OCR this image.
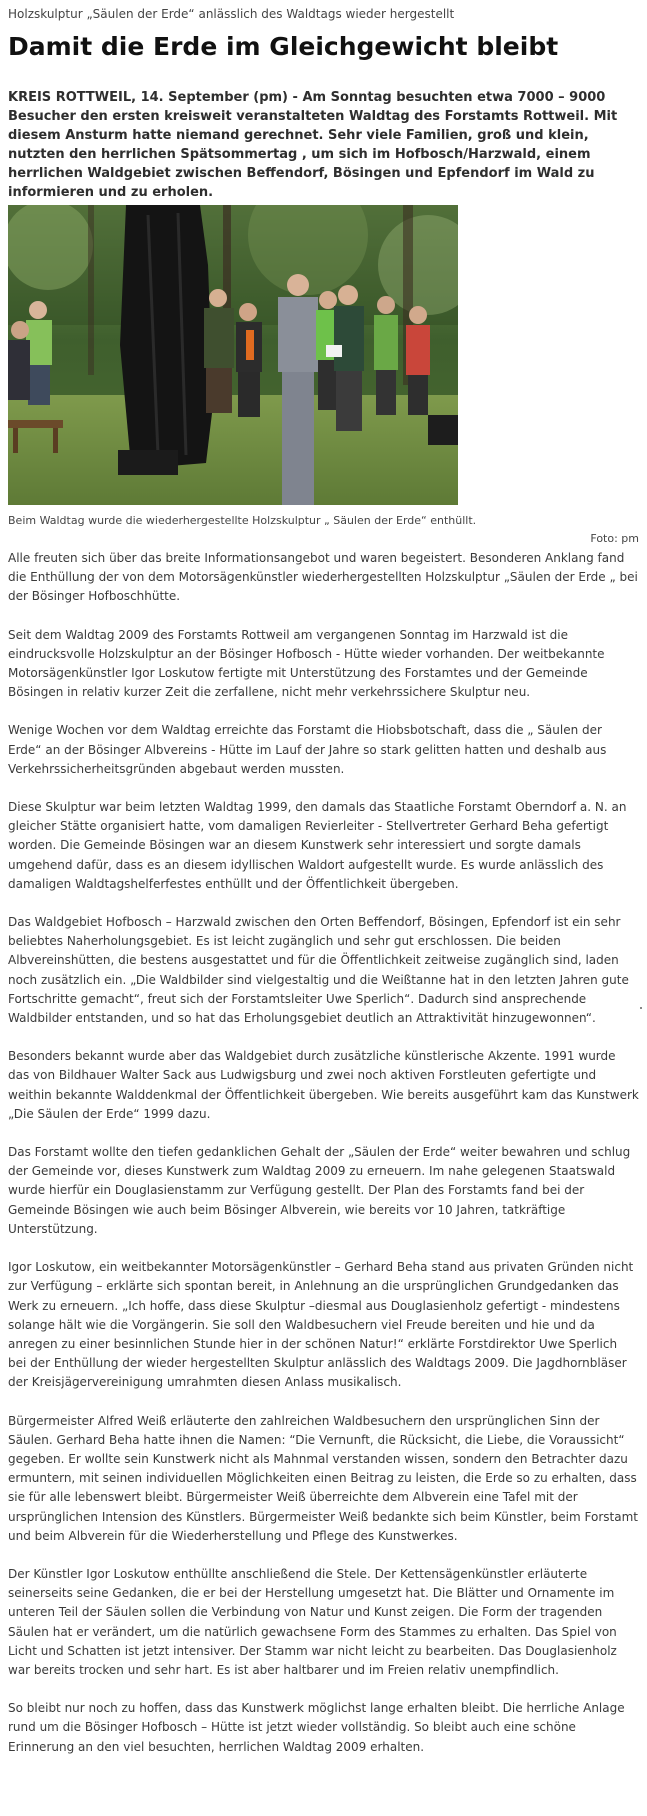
Holzskulptur „Säulen der Erde“ anlässlich des Waldtags wieder hergestellt
Damit die Erde im Gleichgewicht bleibt

KREIS ROTTWEIL, 14. September (pm) - Am Sonntag besuchten etwa 7000 – 9000 Besucher den ersten kreisweit veranstalteten Waldtag des Forstamts Rottweil. Mit diesem Ansturm hatte niemand gerechnet. Sehr viele Familien, groß und klein, nutzten den herrlichen Spätsommertag , um sich im Hofbosch/Harzwald, einem herrlichen Waldgebiet zwischen Beffendorf, Bösingen und Epfendorf im Wald zu informieren und zu erholen.

Beim Waldtag wurde die wiederhergestellte Holzskulptur „ Säulen der Erde“ enthüllt.
Foto: pm

Alle freuten sich über das breite Informationsangebot und waren begeistert. Besonderen Anklang fand die Enthüllung der von dem Motorsägenkünstler wiederhergestellten Holzskulptur „Säulen der Erde „ bei der Bösinger Hofboschhütte.

Seit dem Waldtag 2009 des Forstamts Rottweil am vergangenen Sonntag im Harzwald ist die eindrucksvolle Holzskulptur an der Bösinger Hofbosch - Hütte wieder vorhanden. Der weitbekannte Motorsägenkünstler Igor Loskutow fertigte mit Unterstützung des Forstamtes und der Gemeinde Bösingen in relativ kurzer Zeit die zerfallene, nicht mehr verkehrssichere Skulptur neu.

Wenige Wochen vor dem Waldtag erreichte das Forstamt die Hiobsbotschaft, dass die „ Säulen der Erde“ an der Bösinger Albvereins - Hütte im Lauf der Jahre so stark gelitten hatten und deshalb aus Verkehrssicherheitsgründen abgebaut werden mussten.

Diese Skulptur war beim letzten Waldtag 1999, den damals das Staatliche Forstamt Oberndorf a. N. an gleicher Stätte organisiert hatte, vom damaligen Revierleiter - Stellvertreter Gerhard Beha gefertigt worden. Die Gemeinde Bösingen war an diesem Kunstwerk sehr interessiert und sorgte damals umgehend dafür, dass es an diesem idyllischen Waldort aufgestellt wurde. Es wurde anlässlich des damaligen Waldtagshelferfestes enthüllt und der Öffentlichkeit übergeben.

Das Waldgebiet Hofbosch – Harzwald zwischen den Orten Beffendorf, Bösingen, Epfendorf ist ein sehr beliebtes Naherholungsgebiet. Es ist leicht zugänglich und sehr gut erschlossen. Die beiden Albvereinshütten, die bestens ausgestattet und für die Öffentlichkeit zeitweise zugänglich sind, laden noch zusätzlich ein. „Die Waldbilder sind vielgestaltig und die Weißtanne hat in den letzten Jahren gute Fortschritte gemacht“, freut sich der Forstamtsleiter Uwe Sperlich“. Dadurch sind ansprechende Waldbilder entstanden, und so hat das Erholungsgebiet deutlich an Attraktivität hinzugewonnen“.

Besonders bekannt wurde aber das Waldgebiet durch zusätzliche künstlerische Akzente. 1991 wurde das von Bildhauer Walter Sack aus Ludwigsburg und zwei noch aktiven Forstleuten gefertigte und weithin bekannte Walddenkmal der Öffentlichkeit übergeben. Wie bereits ausgeführt kam das Kunstwerk „Die Säulen der Erde“ 1999 dazu.

Das Forstamt wollte den tiefen gedanklichen Gehalt der „Säulen der Erde“ weiter bewahren und schlug der Gemeinde vor, dieses Kunstwerk zum Waldtag 2009 zu erneuern. Im nahe gelegenen Staatswald wurde hierfür ein Douglasienstamm zur Verfügung gestellt. Der Plan des Forstamts fand bei der Gemeinde Bösingen wie auch beim Bösinger Albverein, wie bereits vor 10 Jahren, tatkräftige Unterstützung.

Igor Loskutow, ein weitbekannter Motorsägenkünstler – Gerhard Beha stand aus privaten Gründen nicht zur Verfügung – erklärte sich spontan bereit, in Anlehnung an die ursprünglichen Grundgedanken das Werk zu erneuern. „Ich hoffe, dass diese Skulptur –diesmal aus Douglasienholz gefertigt - mindestens solange hält wie die Vorgängerin. Sie soll den Waldbesuchern viel Freude bereiten und hie und da anregen zu einer besinnlichen Stunde hier in der schönen Natur!“ erklärte Forstdirektor Uwe Sperlich bei der Enthüllung der wieder hergestellten Skulptur anlässlich des Waldtags 2009. Die Jagdhornbläser der Kreisjägervereinigung umrahmten diesen Anlass musikalisch.

Bürgermeister Alfred Weiß erläuterte den zahlreichen Waldbesuchern den ursprünglichen Sinn der Säulen. Gerhard Beha hatte ihnen die Namen: “Die Vernunft, die Rücksicht, die Liebe, die Voraussicht“ gegeben. Er wollte sein Kunstwerk nicht als Mahnmal verstanden wissen, sondern den Betrachter dazu ermuntern, mit seinen individuellen Möglichkeiten einen Beitrag zu leisten, die Erde so zu erhalten, dass sie für alle lebenswert bleibt. Bürgermeister Weiß überreichte dem Albverein eine Tafel mit der ursprünglichen Intension des Künstlers. Bürgermeister Weiß bedankte sich beim Künstler, beim Forstamt und beim Albverein für die Wiederherstellung und Pflege des Kunstwerkes.

Der Künstler Igor Loskutow enthüllte anschließend die Stele. Der Kettensägenkünstler erläuterte seinerseits seine Gedanken, die er bei der Herstellung umgesetzt hat. Die Blätter und Ornamente im unteren Teil der Säulen sollen die Verbindung von Natur und Kunst zeigen. Die Form der tragenden Säulen hat er verändert, um die natürlich gewachsene Form des Stammes zu erhalten. Das Spiel von Licht und Schatten ist jetzt intensiver. Der Stamm war nicht leicht zu bearbeiten. Das Douglasienholz war bereits trocken und sehr hart. Es ist aber haltbarer und im Freien relativ unempfindlich.

So bleibt nur noch zu hoffen, dass das Kunstwerk möglichst lange erhalten bleibt. Die herrliche Anlage rund um die Bösinger Hofbosch – Hütte ist jetzt wieder vollständig. So bleibt auch eine schöne Erinnerung an den viel besuchten, herrlichen Waldtag 2009 erhalten.
